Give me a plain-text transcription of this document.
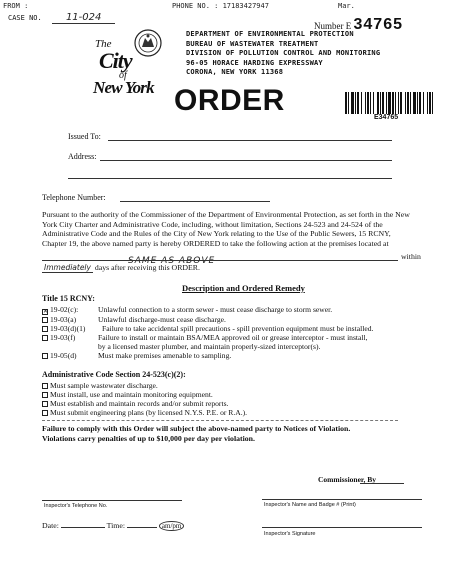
FROM :	PHONE NO. : 17183427947	Mar.
CASE NO. 11-024
Number E 34765
The
City
of
New York
DEPARTMENT OF ENVIRONMENTAL PROTECTION
BUREAU OF WASTEWATER TREATMENT
DIVISION OF POLLUTION CONTROL AND MONITORING
96-05 HORACE HARDING EXPRESSWAY
CORONA, NEW YORK 11368
ORDER
E34765
Issued To:
Address:
Telephone Number:
Pursuant to the authority of the Commissioner of the Department of Environmental Protection, as set forth in the New
York City Charter and Administrative Code, including, without limitation, Sections 24-523 and 24-524 of the
Administrative Code and the Rules of the City of New York relating to the Use of the Public Sewers, 15 RCNY,
Chapter 19, the above named party is hereby ORDERED to take the following action at the premises located at
SAME AS ABOVE	within
Immediately days after receiving this ORDER.
Description and Ordered Remedy
Title 15 RCNY:
✕19-02(c):	Unlawful connection to a storm sewer - must cease discharge to storm sewer.
19-03(a)	Unlawful discharge-must cease discharge.
19-03(d)(1) Failure to take accidental spill precautions - spill prevention equipment must be installed.
19-03(f)	Failure to install or maintain BSA/MEA approved oil or grease interceptor - must install,
by a licensed master plumber, and maintain properly-sized interceptor(s).
19-05(d)	Must make premises amenable to sampling.
Administrative Code Section 24-523(c)(2):
Must sample wastewater discharge.
Must install, use and maintain monitoring equipment.
Must establish and maintain records and/or submit reports.
Must submit engineering plans (by licensed N.Y.S. P.E. or R.A.).
Failure to comply with this Order will subject the above-named party to Notices of Violation.
Violations carry penalties of up to $10,000 per day per violation.
Commissioner, By
Inspector's Telephone No.	Inspector's Name and Badge # (Print)
Date:	Time:	am/pm
Inspector's Signature
